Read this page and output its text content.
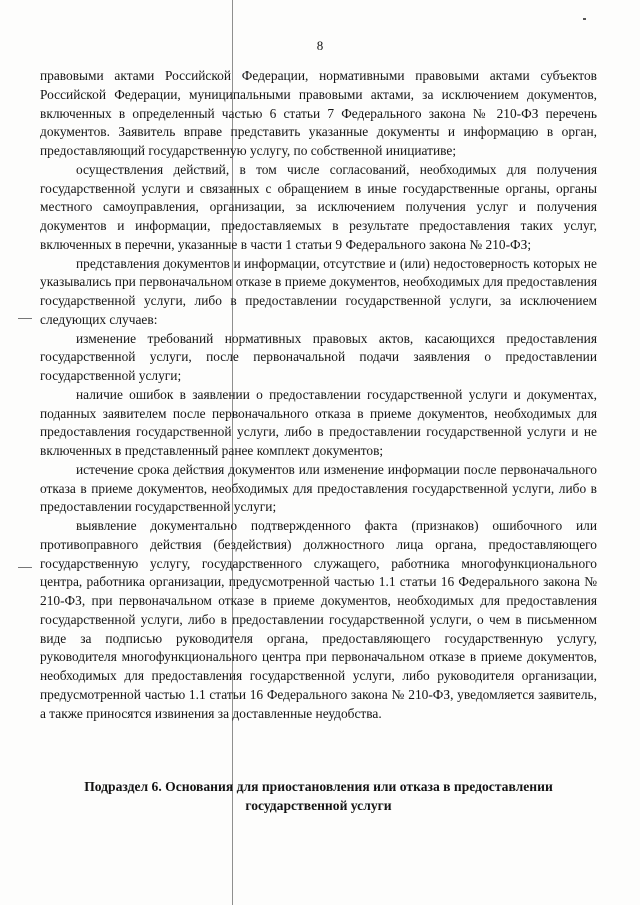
8

правовыми актами Российской Федерации, нормативными правовыми актами субъектов Российской Федерации, муниципальными правовыми актами, за исключением документов, включенных в определенный частью 6 статьи 7 Федерального закона № 210-ФЗ перечень документов. Заявитель вправе представить указанные документы и информацию в орган, предоставляющий государственную услугу, по собственной инициативе;

осуществления действий, в том числе согласований, необходимых для получения государственной услуги и связанных с обращением в иные государственные органы, органы местного самоуправления, организации, за исключением получения услуг и получения документов и информации, предоставляемых в результате предоставления таких услуг, включенных в перечни, указанные в части 1 статьи 9 Федерального закона № 210-ФЗ;

представления документов и информации, отсутствие и (или) недостоверность которых не указывались при первоначальном отказе в приеме документов, необходимых для предоставления государственной услуги, либо в предоставлении государственной услуги, за исключением следующих случаев:

изменение требований нормативных правовых актов, касающихся предоставления государственной услуги, после первоначальной подачи заявления о предоставлении государственной услуги;

наличие ошибок в заявлении о предоставлении государственной услуги и документах, поданных заявителем после первоначального отказа в приеме документов, необходимых для предоставления государственной услуги, либо в предоставлении государственной услуги и не включенных в представленный ранее комплект документов;

истечение срока действия документов или изменение информации после первоначального отказа в приеме документов, необходимых для предоставления государственной услуги, либо в предоставлении государственной услуги;

выявление документально подтвержденного факта (признаков) ошибочного или противоправного действия (бездействия) должностного лица органа, предоставляющего государственную услугу, государственного служащего, работника многофункционального центра, работника организации, предусмотренной частью 1.1 статьи 16 Федерального закона № 210-ФЗ, при первоначальном отказе в приеме документов, необходимых для предоставления государственной услуги, либо в предоставлении государственной услуги, о чем в письменном виде за подписью руководителя органа, предоставляющего государственную услугу, руководителя многофункционального центра при первоначальном отказе в приеме документов, необходимых для предоставления государственной услуги, либо руководителя организации, предусмотренной частью 1.1 статьи 16 Федерального закона № 210-ФЗ, уведомляется заявитель, а также приносятся извинения за доставленные неудобства.

Подраздел 6. Основания для приостановления или отказа в предоставлении
государственной услуги
